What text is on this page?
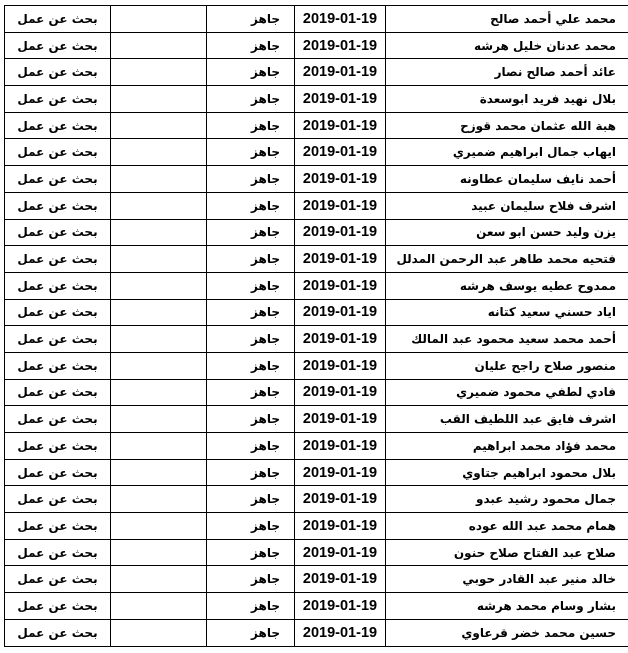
محمد علي أحمد صالح	2019-01-19	جاهز		بحث عن عمل
محمد عدنان خليل هرشه	2019-01-19	جاهز		بحث عن عمل
عائد أحمد صالح نصار	2019-01-19	جاهز		بحث عن عمل
بلال نهيد فريد ابوسعدة	2019-01-19	جاهز		بحث عن عمل
هبة الله عثمان محمد قوزح	2019-01-19	جاهز		بحث عن عمل
ايهاب جمال ابراهيم ضميري	2019-01-19	جاهز		بحث عن عمل
أحمد نايف سليمان عطاونه	2019-01-19	جاهز		بحث عن عمل
اشرف فلاح سليمان عبيد	2019-01-19	جاهز		بحث عن عمل
يزن وليد حسن ابو سعن	2019-01-19	جاهز		بحث عن عمل
فتحيه محمد طاهر عبد الرحمن المدلل	2019-01-19	جاهز		بحث عن عمل
ممدوح عطيه يوسف هرشه	2019-01-19	جاهز		بحث عن عمل
اياد حسني سعيد كتانه	2019-01-19	جاهز		بحث عن عمل
أحمد محمد سعيد محمود عبد المالك	2019-01-19	جاهز		بحث عن عمل
منصور صلاح راجح عليان	2019-01-19	جاهز		بحث عن عمل
فادي لطفي محمود ضميري	2019-01-19	جاهز		بحث عن عمل
اشرف فايق عبد اللطيف القب	2019-01-19	جاهز		بحث عن عمل
محمد فؤاد محمد ابراهيم	2019-01-19	جاهز		بحث عن عمل
بلال محمود ابراهيم جتاوي	2019-01-19	جاهز		بحث عن عمل
جمال محمود رشيد عبدو	2019-01-19	جاهز		بحث عن عمل
همام محمد عبد الله عوده	2019-01-19	جاهز		بحث عن عمل
صلاح عبد الفتاح صلاح حنون	2019-01-19	جاهز		بحث عن عمل
خالد منير عبد القادر حوبي	2019-01-19	جاهز		بحث عن عمل
بشار وسام محمد هرشه	2019-01-19	جاهز		بحث عن عمل
حسين محمد خضر قرعاوي	2019-01-19	جاهز		بحث عن عمل
